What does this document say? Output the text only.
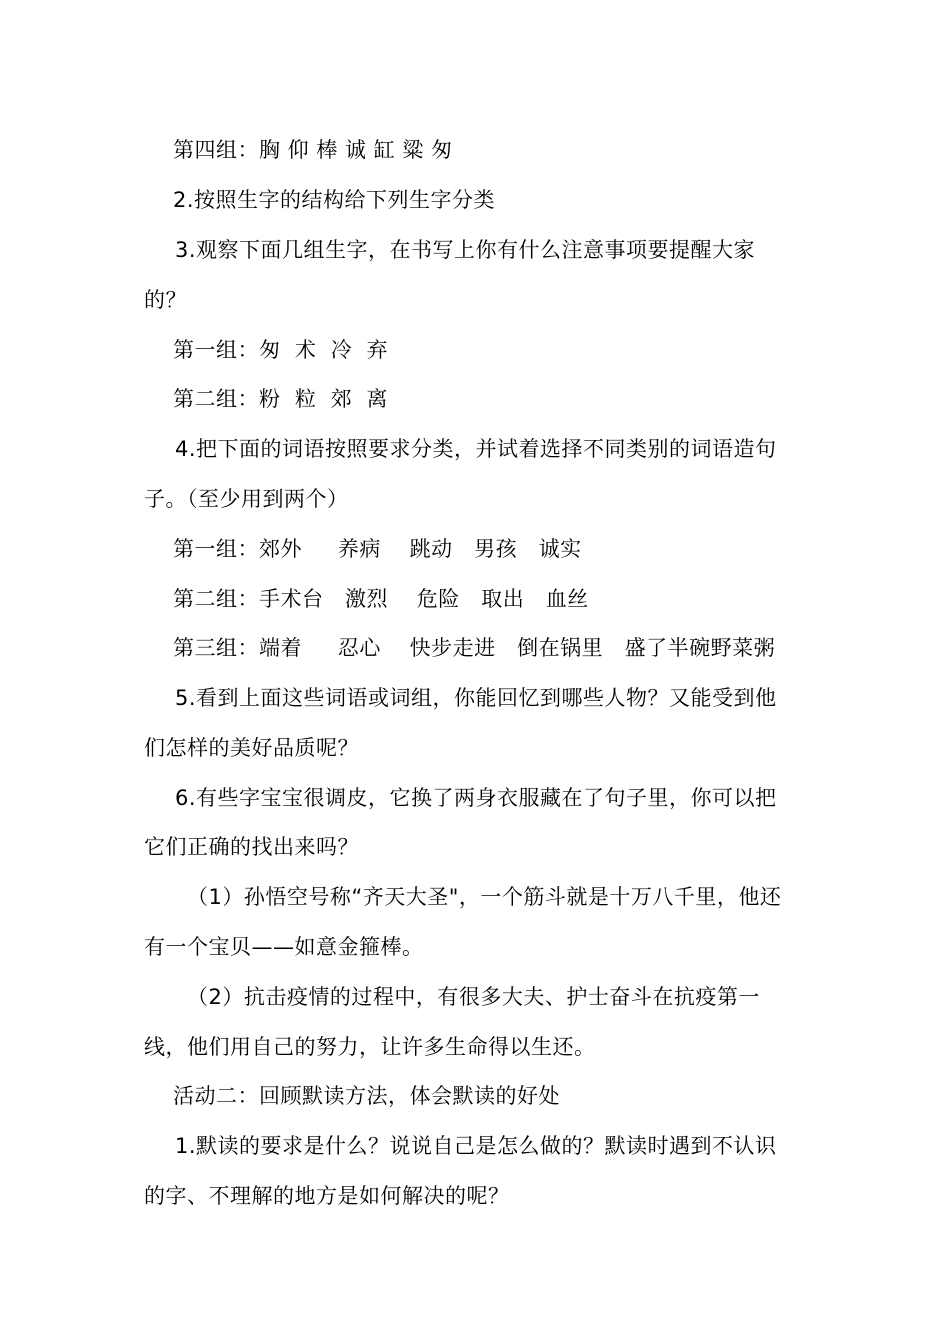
第四组：胸 仰 棒 诚 缸 粱 匆
2.按照生字的结构给下列生字分类
3.观察下面几组生字，在书写上你有什么注意事项要提醒大家
的？
第一组：匆  术  冷  弃
第二组：粉  粒  郊  离
4.把下面的词语按照要求分类，并试着选择不同类别的词语造句
子。（至少用到两个）
第一组：郊外     养病    跳动   男孩   诚实
第二组：手术台   激烈    危险   取出   血丝
第三组：端着     忍心    快步走进   倒在锅里   盛了半碗野菜粥
5.看到上面这些词语或词组，你能回忆到哪些人物？又能受到他
们怎样的美好品质呢？
6.有些字宝宝很调皮，它换了两身衣服藏在了句子里，你可以把
它们正确的找出来吗？
（1）孙悟空号称“齐天大圣"，一个筋斗就是十万八千里，他还
有一个宝贝——如意金箍棒。
（2）抗击疫情的过程中，有很多大夫、护士奋斗在抗疫第一
线，他们用自己的努力，让许多生命得以生还。
活动二：回顾默读方法，体会默读的好处
1.默读的要求是什么？说说自己是怎么做的？默读时遇到不认识
的字、不理解的地方是如何解决的呢？
